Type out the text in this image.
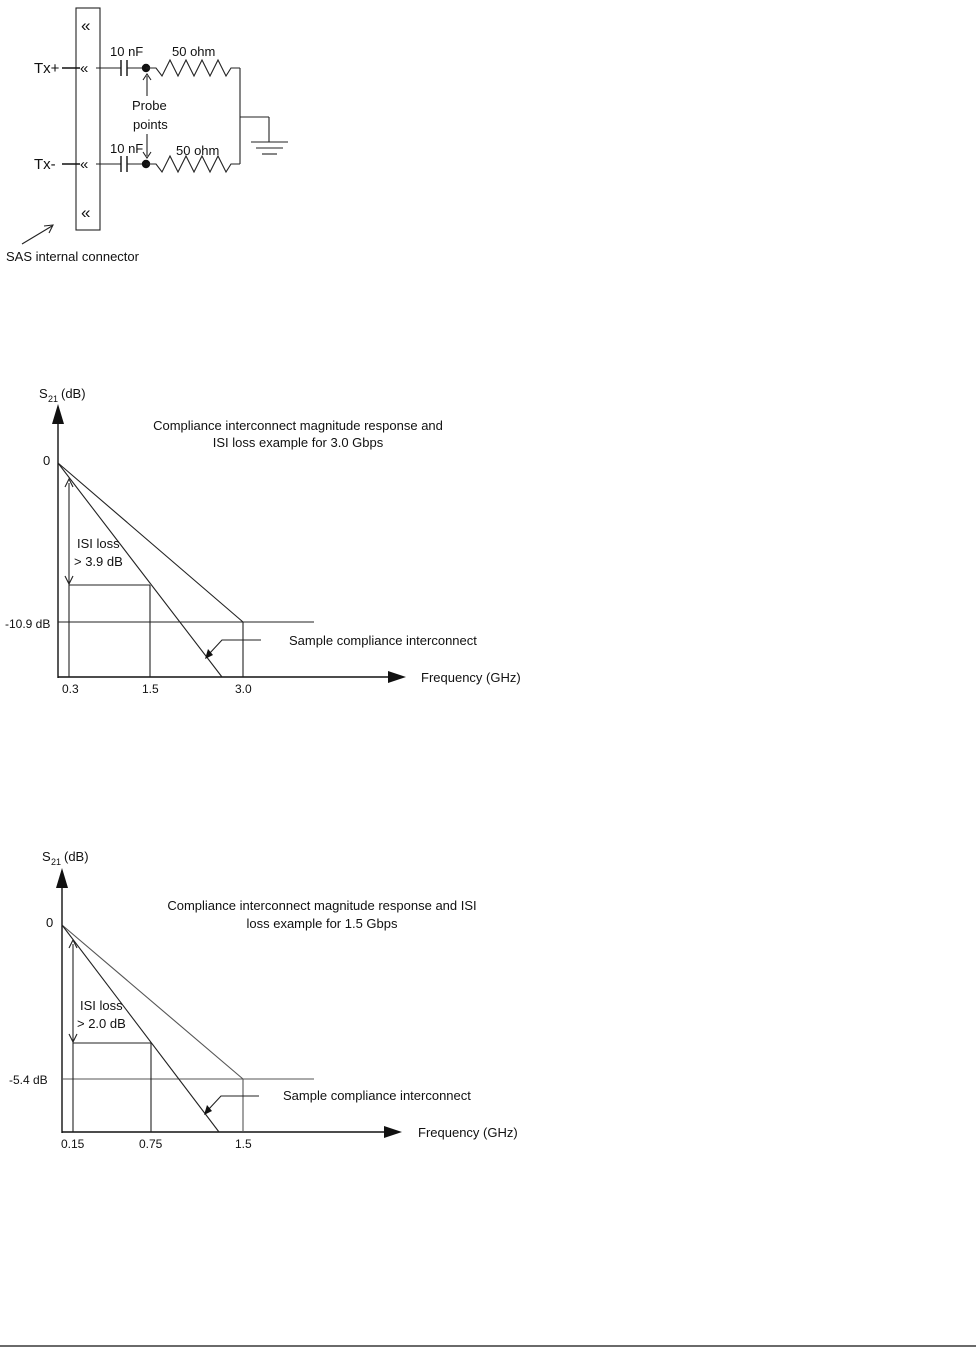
«
«
Tx+ «
10 nF 50 ohm
Tx- «
10 nF	50 ohm
Probe
points
SAS internal connector
S 21 (dB)
Compliance interconnect magnitude response and
ISI loss example for 3.0 Gbps
0
-10.9 dB
ISI loss
> 3.9 dB
Sample compliance interconnect
0.3	1.5	3.0
Frequency (GHz)
S 21 (dB)
Compliance interconnect magnitude response and ISI
loss example for 1.5 Gbps
0
-5.4 dB
ISI loss
> 2.0 dB
Sample compliance interconnect
0.15	0.75	1.5
Frequency (GHz)
